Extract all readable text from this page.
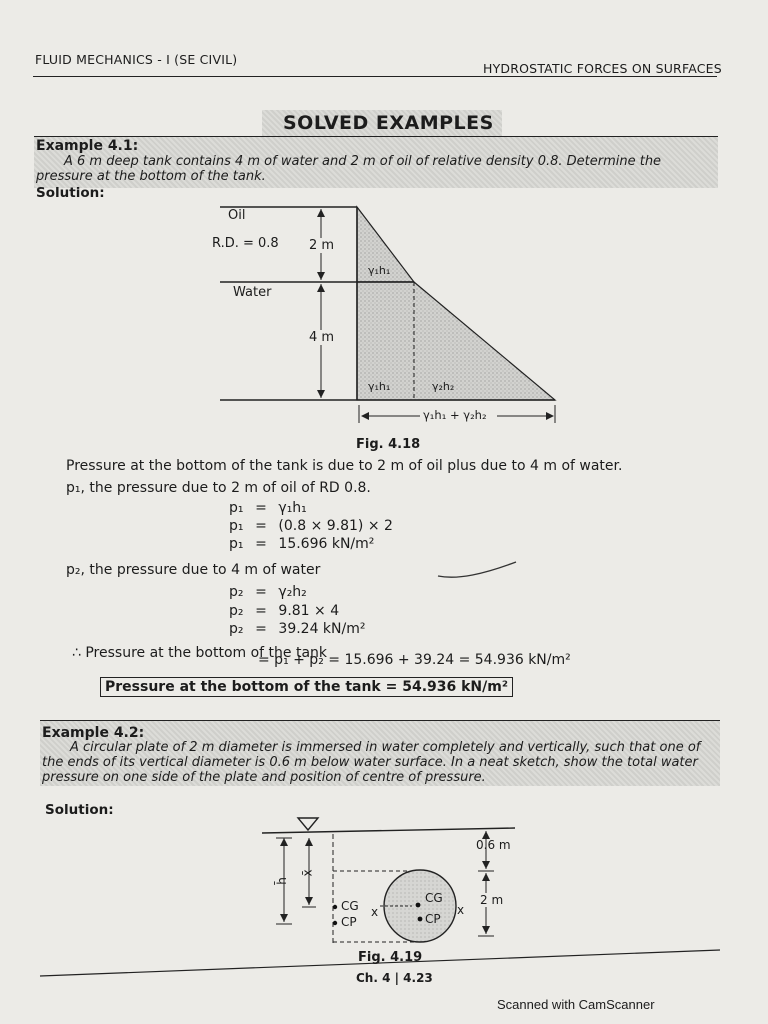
FLUID MECHANICS - I (SE CIVIL)
HYDROSTATIC FORCES ON SURFACES
SOLVED EXAMPLES
Example 4.1:
A 6 m deep tank contains 4 m of water and 2 m of oil of relative density 0.8. Determine the
pressure at the bottom of the tank.
Solution:
Oil
R.D. = 0.8 2 m
Water
4 m
γ₁h₁
γ₁h₁	γ₂h₂
γ₁h₁ + γ₂h₂
Fig. 4.18
Pressure at the bottom of the tank is due to 2 m of oil plus due to 4 m of water.
p₁, the pressure due to 2 m of oil of RD 0.8.
p₁ = γ₁h₁
p₁ = (0.8 × 9.81) × 2
p₁ = 15.696 kN/m²
p₂, the pressure due to 4 m of water
p₂ = γ₂h₂
p₂ = 9.81 × 4
p₂ = 39.24 kN/m²
∴ Pressure at the bottom of the tank
= p₁ + p₂ = 15.696 + 39.24 = 54.936 kN/m²
Pressure at the bottom of the tank = 54.936 kN/m²
Example 4.2:
A circular plate of 2 m diameter is immersed in water completely and vertically, such that one of
the ends of its vertical diameter is 0.6 m below water surface. In a neat sketch, show the total water
pressure on one side of the plate and position of centre of pressure.
Solution:
0.6 m
2 m
h̄
x̄
CG
CP
x
CG
CP
x
Fig. 4.19
Ch. 4 | 4.23
Scanned with CamScanner
